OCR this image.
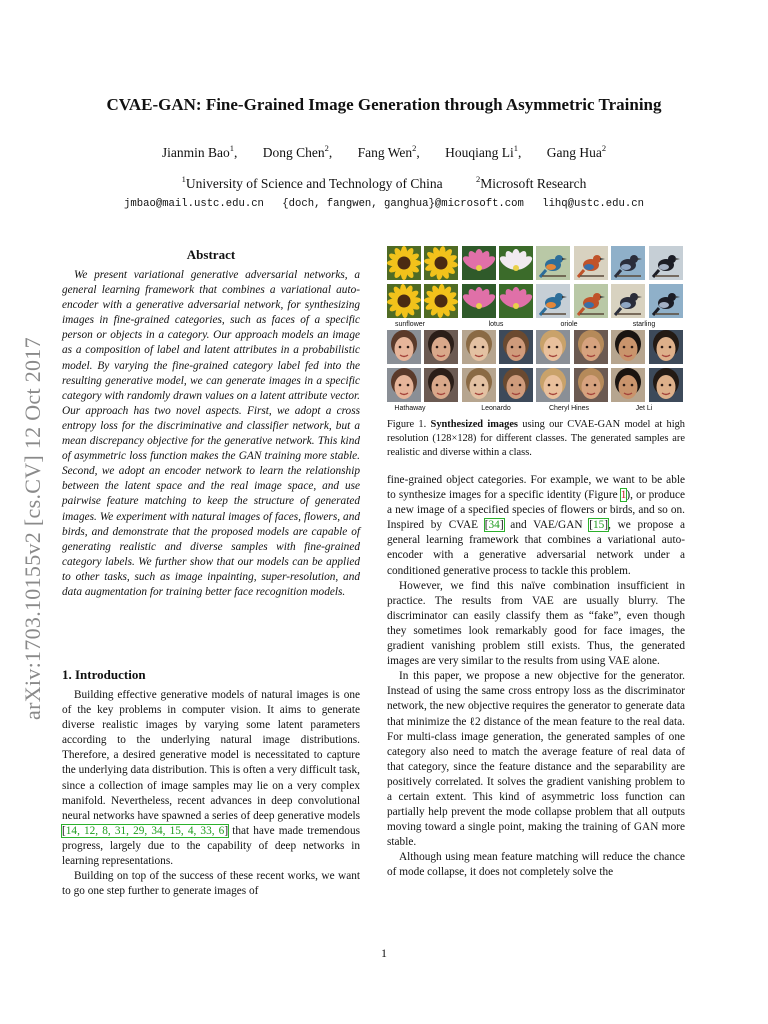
CVAE-GAN: Fine-Grained Image Generation through Asymmetric Training
Jianmin Bao$^1$, Dong Chen$^2$, Fang Wen$^2$, Houqiang Li$^1$, Gang Hua$^2$
$^1$University of Science and Technology of China	$^2$Microsoft Research
jmbao@mail.ustc.edu.cn {doch, fangwen, ganghua}@microsoft.com lihq@ustc.edu.cn
arXiv:1703.10155v2 [cs.CV] 12 Oct 2017
Abstract

We present variational generative adversarial networks, a general learning framework that combines a variational auto-encoder with a generative adversarial network, for synthesizing images in fine-grained categories, such as faces of a specific person or objects in a category. Our approach models an image as a composition of label and latent attributes in a probabilistic model. By varying the fine-grained category label fed into the resulting generative model, we can generate images in a specific category with randomly drawn values on a latent attribute vector. Our approach has two novel aspects. First, we adopt a cross entropy loss for the discriminative and classifier network, but a mean discrepancy objective for the generative network. This kind of asymmetric loss function makes the GAN training more stable. Second, we adopt an encoder network to learn the relationship between the latent space and the real image space, and use pairwise feature matching to keep the structure of generated images. We experiment with natural images of faces, flowers, and birds, and demonstrate that the proposed models are capable of generating realistic and diverse samples with fine-grained category labels. We further show that our models can be applied to other tasks, such as image inpainting, super-resolution, and data augmentation for training better face recognition models.

1. Introduction

Building effective generative models of natural images is one of the key problems in computer vision. It aims to generate diverse realistic images by varying some latent parameters according to the underlying natural image distributions. Therefore, a desired generative model is necessitated to capture the underlying data distribution. This is often a very difficult task, since a collection of image samples may lie on a very complex manifold. Nevertheless, recent advances in deep convolutional neural networks have spawned a series of deep generative models [ 14, 12, 8, 31, 29, 34, 15, 4, 33, 6 ] that have made tremendous progress, largely due to the capability of deep networks in learning representations.

Building on top of the success of these recent works, we want to go one step further to generate images of

sunflower	lotus	oriole	starling
Hathaway	Leonardo	Cheryl Hines	Jet Li
Figure 1. Synthesized images using our CVAE-GAN model at high resolution (128×128) for different classes. The generated samples are realistic and diverse within a class.

fine-grained object categories. For example, we want to be able to synthesize images for a specific identity (Figure 1), or produce a new image of a specified species of flowers or birds, and so on. Inspired by CVAE [ 34 ] and VAE/GAN [ 15 ] , we propose a general learning framework that combines a variational auto-encoder with a generative adversarial network under a conditioned generative process to tackle this problem.

However, we find this naïve combination insufficient in practice. The results from VAE are usually blurry. The discriminator can easily classify them as “fake”, even though they sometimes look remarkably good for face images, the gradient vanishing problem still exists. Thus, the generated images are very similar to the results from using VAE alone.

In this paper, we propose a new objective for the generator. Instead of using the same cross entropy loss as the discriminator network, the new objective requires the generator to generate data that minimize the ℓ2 distance of the mean feature to the real data. For multi-class image generation, the generated samples of one category also need to match the average feature of real data of that category, since the feature distance and the separability are positively correlated. It solves the gradient vanishing problem to a certain extent. This kind of asymmetric loss function can partially help prevent the mode collapse problem that all outputs moving toward a single point, making the training of GAN more stable.

Although using mean feature matching will reduce the chance of mode collapse, it does not completely solve the

1
